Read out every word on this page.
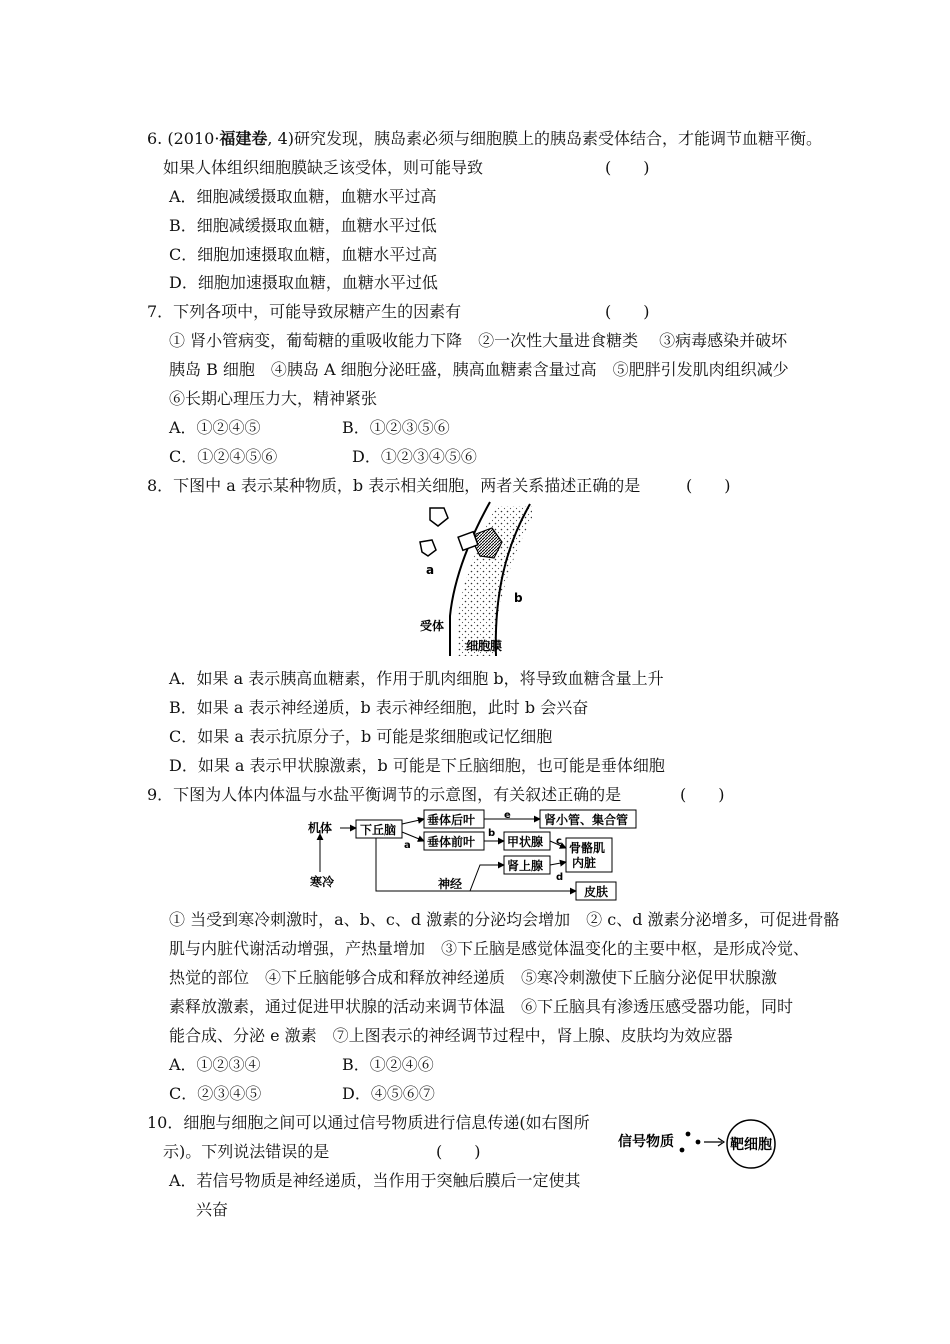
6. (2010·福建卷, 4)研究发现，胰岛素必须与细胞膜上的胰岛素受体结合，才能调节血糖平衡。
如果人体组织细胞膜缺乏该受体，则可能导致	(　　)
A．细胞减缓摄取血糖，血糖水平过高
B．细胞减缓摄取血糖，血糖水平过低
C．细胞加速摄取血糖，血糖水平过高
D．细胞加速摄取血糖，血糖水平过低
7．下列各项中，可能导致尿糖产生的因素有	(　　)
① 肾小管病变，葡萄糖的重吸收能力下降　②一次性大量进食糖类　 ③病毒感染并破坏
胰岛 B 细胞　④胰岛 A 细胞分泌旺盛，胰高血糖素含量过高　⑤肥胖引发肌肉组织减少
⑥长期心理压力大，精神紧张
A．①②④⑤	B．①②③⑤⑥
C．①②④⑤⑥	D．①②③④⑤⑥
8．下图中 a 表示某种物质，b 表示相关细胞，两者关系描述正确的是	(　　)
a
b
受体
细胞膜
A．如果 a 表示胰高血糖素，作用于肌肉细胞 b，将导致血糖含量上升
B．如果 a 表示神经递质，b 表示神经细胞，此时 b 会兴奋
C．如果 a 表示抗原分子，b 可能是浆细胞或记忆细胞
D．如果 a 表示甲状腺激素，b 可能是下丘脑细胞，也可能是垂体细胞
9．下图为人体内体温与水盐平衡调节的示意图，有关叙述正确的是	(　　)
机体
寒冷
下丘脑
垂体后叶
垂体前叶
肾小管、集合管
甲状腺
肾上腺
骨骼肌
内脏
皮肤
神经
a
b
c
d
e
① 当受到寒冷刺激时，a、b、c、d 激素的分泌均会增加　② c、d 激素分泌增多，可促进骨骼
肌与内脏代谢活动增强，产热量增加　③下丘脑是感觉体温变化的主要中枢，是形成冷觉、
热觉的部位　④下丘脑能够合成和释放神经递质　⑤寒冷刺激使下丘脑分泌促甲状腺激
素释放激素，通过促进甲状腺的活动来调节体温　⑥下丘脑具有渗透压感受器功能，同时
能合成、分泌 e 激素　⑦上图表示的神经调节过程中，肾上腺、皮肤均为效应器
A．①②③④	B．①②④⑥
C．②③④⑤	D．④⑤⑥⑦
10．细胞与细胞之间可以通过信号物质进行信息传递(如右图所
示)。下列说法错误的是	(　　)	信号物质	靶细胞
A．若信号物质是神经递质，当作用于突触后膜后一定使其
兴奋
